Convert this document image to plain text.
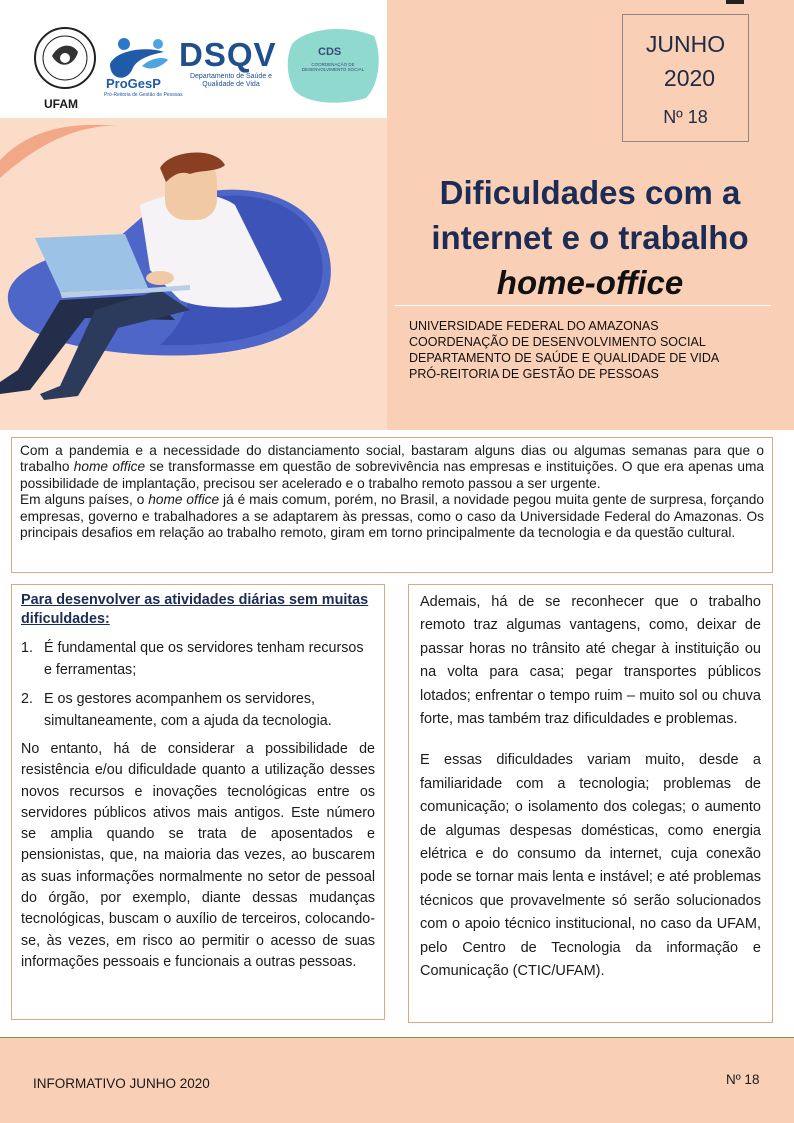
UFAM
ProGesP
Pró-Reitoria de Gestão de Pessoas
DSQV
Departamento de Saúde e Qualidade de Vida
CDS
COORDENAÇÃO DE DESENVOLVIMENTO SOCIAL
JUNHO
2020
Nº 18
Dificuldades com a
internet e o trabalho
home-office
UNIVERSIDADE FEDERAL DO AMAZONAS
COORDENAÇÃO DE DESENVOLVIMENTO SOCIAL
DEPARTAMENTO DE SAÚDE E QUALIDADE DE VIDA
PRÓ-REITORIA DE GESTÃO DE PESSOAS
Com a pandemia e a necessidade do distanciamento social, bastaram alguns dias ou algumas semanas para que o trabalho home office se transformasse em questão de sobrevivência nas empresas e instituições. O que era apenas uma possibilidade de implantação, precisou ser acelerado e o trabalho remoto passou a ser urgente.
Em alguns países, o home office já é mais comum, porém, no Brasil, a novidade pegou muita gente de surpresa, forçando empresas, governo e trabalhadores a se adaptarem às pressas, como o caso da Universidade Federal do Amazonas. Os principais desafios em relação ao trabalho remoto, giram em torno principalmente da tecnologia e da questão cultural.
Para desenvolver as atividades diárias sem muitas dificuldades:
1. É fundamental que os servidores tenham recursos e ferramentas;
2. E os gestores acompanhem os servidores, simultaneamente, com a ajuda da tecnologia.

No entanto, há de considerar a possibilidade de resistência e/ou dificuldade quanto a utilização desses novos recursos e inovações tecnológicas entre os servidores públicos ativos mais antigos. Este número se amplia quando se trata de aposentados e pensionistas, que, na maioria das vezes, ao buscarem as suas informações normalmente no setor de pessoal do órgão, por exemplo, diante dessas mudanças tecnológicas, buscam o auxílio de terceiros, colocando-se, às vezes, em risco ao permitir o acesso de suas informações pessoais e funcionais a outras pessoas.

Ademais, há de se reconhecer que o trabalho remoto traz algumas vantagens, como, deixar de passar horas no trânsito até chegar à instituição ou na volta para casa; pegar transportes públicos lotados; enfrentar o tempo ruim – muito sol ou chuva forte, mas também traz dificuldades e problemas.

E essas dificuldades variam muito, desde a familiaridade com a tecnologia; problemas de comunicação; o isolamento dos colegas; o aumento de algumas despesas domésticas, como energia elétrica e do consumo da internet, cuja conexão pode se tornar mais lenta e instável; e até problemas técnicos que provavelmente só serão solucionados com o apoio técnico institucional, no caso da UFAM, pelo Centro de Tecnologia da informação e Comunicação (CTIC/UFAM).

INFORMATIVO JUNHO 2020	Nº 18
